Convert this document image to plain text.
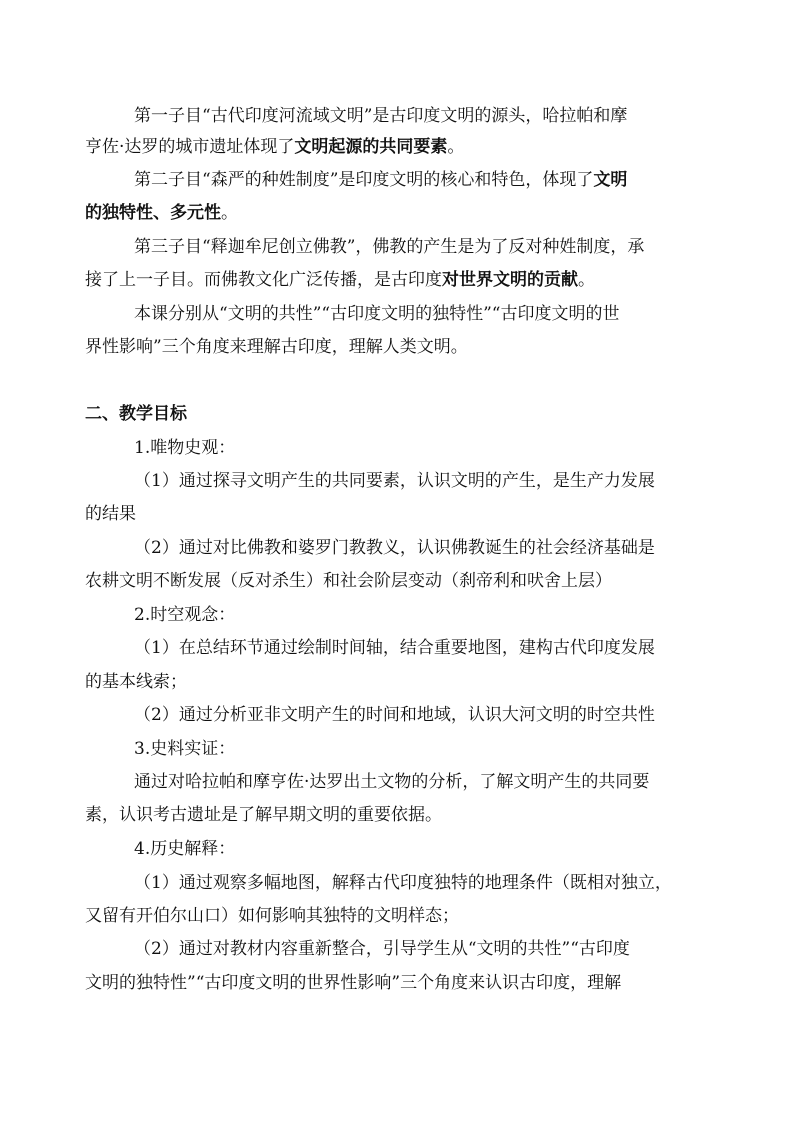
第一子目“古代印度河流域文明”是古印度文明的源头，哈拉帕和摩
亨佐·达罗的城市遗址体现了文明起源的共同要素。
第二子目“森严的种姓制度”是印度文明的核心和特色，体现了文明
的独特性、多元性。
第三子目“释迦牟尼创立佛教”，佛教的产生是为了反对种姓制度，承
接了上一子目。而佛教文化广泛传播，是古印度对世界文明的贡献。
本课分别从“文明的共性”“古印度文明的独特性”“古印度文明的世
界性影响”三个角度来理解古印度，理解人类文明。
二、教学目标
1.唯物史观：
（1）通过探寻文明产生的共同要素，认识文明的产生，是生产力发展
的结果
（2）通过对比佛教和婆罗门教教义，认识佛教诞生的社会经济基础是
农耕文明不断发展（反对杀生）和社会阶层变动（刹帝利和吠舍上层）
2.时空观念：
（1）在总结环节通过绘制时间轴，结合重要地图，建构古代印度发展
的基本线索；
（2）通过分析亚非文明产生的时间和地域，认识大河文明的时空共性
3.史料实证：
通过对哈拉帕和摩亨佐·达罗出土文物的分析，了解文明产生的共同要
素，认识考古遗址是了解早期文明的重要依据。
4.历史解释：
（1）通过观察多幅地图，解释古代印度独特的地理条件（既相对独立，
又留有开伯尔山口）如何影响其独特的文明样态；
（2）通过对教材内容重新整合，引导学生从“文明的共性”“古印度
文明的独特性”“古印度文明的世界性影响”三个角度来认识古印度，理解
